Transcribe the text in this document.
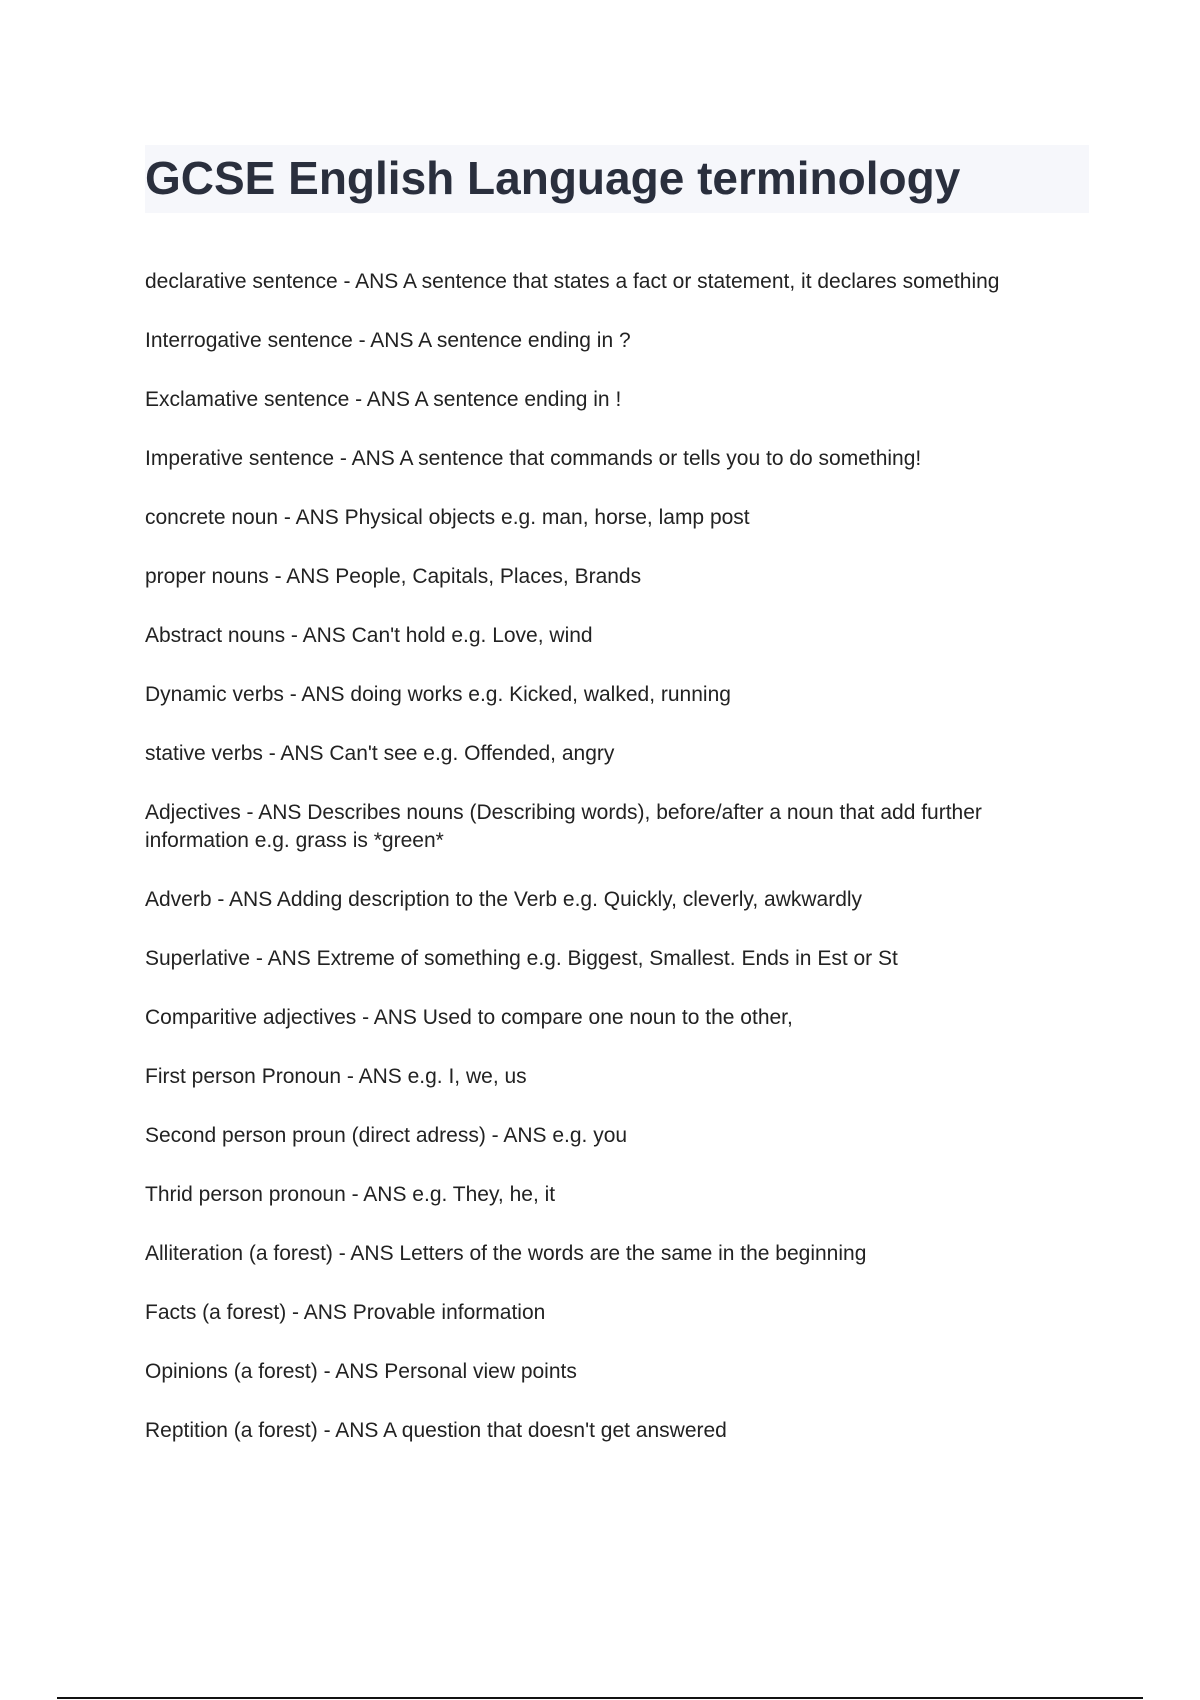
GCSE English Language terminology
declarative sentence - ANS A sentence that states a fact or statement, it declares something
Interrogative sentence - ANS A sentence ending in ?
Exclamative sentence - ANS A sentence ending in !
Imperative sentence - ANS A sentence that commands or tells you to do something!
concrete noun - ANS Physical objects e.g. man, horse, lamp post
proper nouns - ANS People, Capitals, Places, Brands
Abstract nouns - ANS Can't hold e.g. Love, wind
Dynamic verbs - ANS doing works e.g. Kicked, walked, running
stative verbs - ANS Can't see e.g. Offended, angry
Adjectives - ANS Describes nouns (Describing words), before/after a noun that add further information e.g. grass is *green*
Adverb - ANS Adding description to the Verb e.g. Quickly, cleverly, awkwardly
Superlative - ANS Extreme of something e.g. Biggest, Smallest. Ends in Est or St
Comparitive adjectives - ANS Used to compare one noun to the other,
First person Pronoun - ANS e.g. I, we, us
Second person proun (direct adress) - ANS e.g. you
Thrid person pronoun - ANS e.g. They, he, it
Alliteration (a forest) - ANS Letters of the words are the same in the beginning
Facts (a forest) - ANS Provable information
Opinions (a forest) - ANS Personal view points
Reptition (a forest) - ANS A question that doesn't get answered
